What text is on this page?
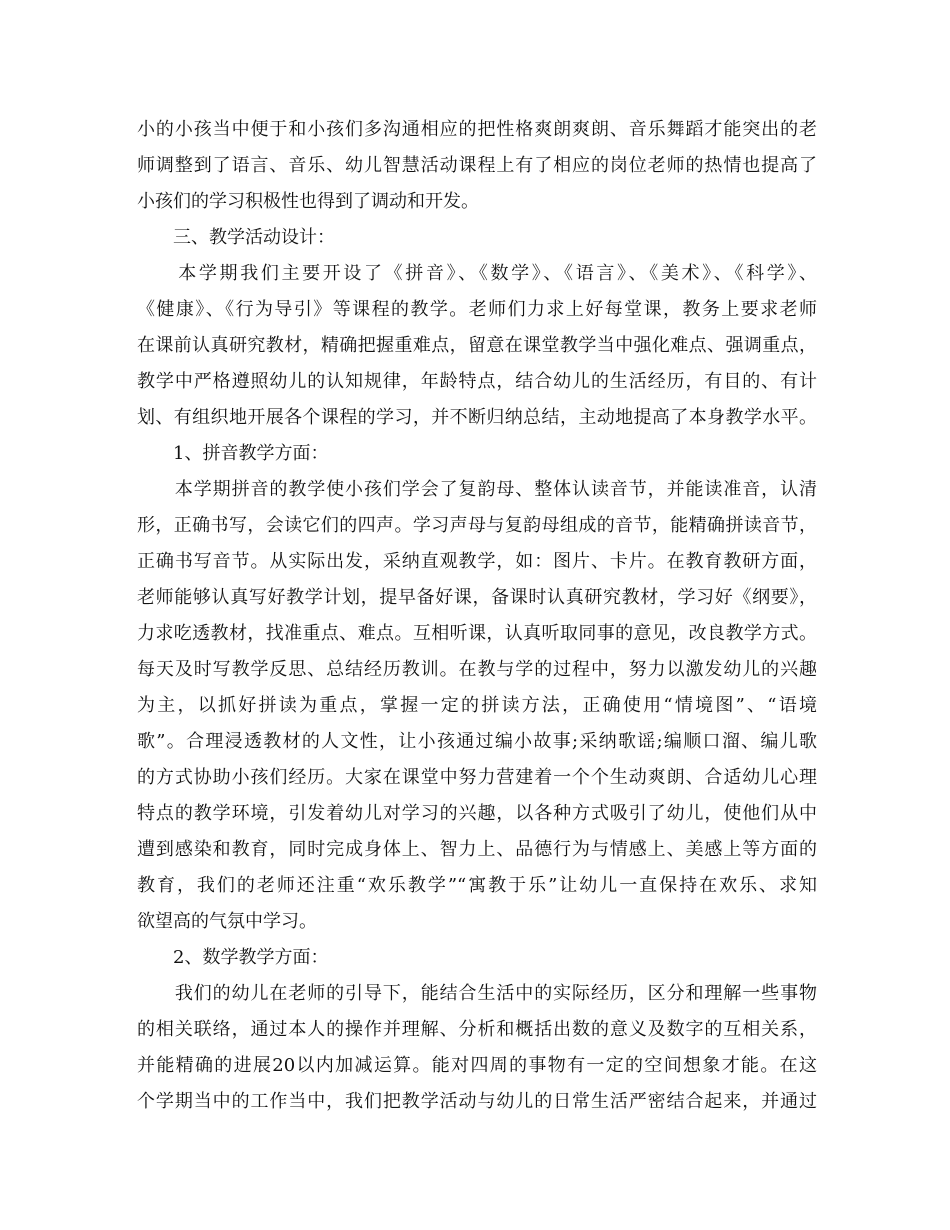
小的小孩当中便于和小孩们多沟通相应的把性格爽朗爽朗、音乐舞蹈才能突出的老
师调整到了语言、音乐、幼儿智慧活动课程上有了相应的岗位老师的热情也提高了
小孩们的学习积极性也得到了调动和开发。
　　三、教学活动设计：
　　本学期我们主要开设了《拼音》、《数学》、《语言》、《美术》、《科学》、
《健康》、《行为导引》等课程的教学。老师们力求上好每堂课，教务上要求老师
在课前认真研究教材，精确把握重难点，留意在课堂教学当中强化难点、强调重点，
教学中严格遵照幼儿的认知规律，年龄特点，结合幼儿的生活经历，有目的、有计
划、有组织地开展各个课程的学习，并不断归纳总结，主动地提高了本身教学水平。
　　1、拼音教学方面：
　　本学期拼音的教学使小孩们学会了复韵母、整体认读音节，并能读准音，认清
形，正确书写，会读它们的四声。学习声母与复韵母组成的音节，能精确拼读音节，
正确书写音节。从实际出发，采纳直观教学，如：图片、卡片。在教育教研方面，
老师能够认真写好教学计划，提早备好课，备课时认真研究教材，学习好《纲要》，
力求吃透教材，找准重点、难点。互相听课，认真听取同事的意见，改良教学方式。
每天及时写教学反思、总结经历教训。在教与学的过程中，努力以激发幼儿的兴趣
为主，以抓好拼读为重点，掌握一定的拼读方法，正确使用“情境图”、“语境
歌”。合理浸透教材的人文性，让小孩通过编小故事;采纳歌谣;编顺口溜、编儿歌
的方式协助小孩们经历。大家在课堂中努力营建着一个个生动爽朗、合适幼儿心理
特点的教学环境，引发着幼儿对学习的兴趣，以各种方式吸引了幼儿，使他们从中
遭到感染和教育，同时完成身体上、智力上、品德行为与情感上、美感上等方面的
教育，我们的老师还注重“欢乐教学”“寓教于乐”让幼儿一直保持在欢乐、求知
欲望高的气氛中学习。
　　2、数学教学方面：
　　我们的幼儿在老师的引导下，能结合生活中的实际经历，区分和理解一些事物
的相关联络，通过本人的操作并理解、分析和概括出数的意义及数字的互相关系，
并能精确的进展20以内加减运算。能对四周的事物有一定的空间想象才能。在这
个学期当中的工作当中，我们把教学活动与幼儿的日常生活严密结合起来，并通过
